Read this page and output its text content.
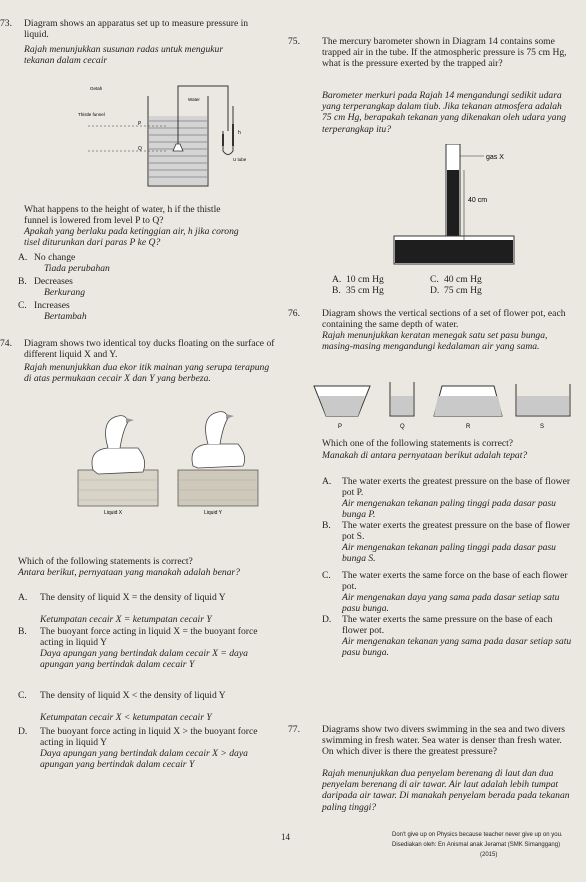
73. Diagram shows an apparatus set up to measure pressure in liquid.

Rajah menunjukkan susunan radas untuk mengukur tekanan dalam cecair

h
P
Q
Getah
Thistle funnel
Water
U tube

What happens to the height of water, h if the thistle funnel is lowered from level P to Q?

Apakah yang berlaku pada ketinggian air, h jika corong tisel diturunkan dari paras P ke Q?

A. No change
Tiada perubahan
B. Decreases
Berkurang
C. Increases
Bertambah
74. Diagram shows two identical toy ducks floating on the surface of different liquid X and Y.

Rajah menunjukkan dua ekor itik mainan yang serupa terapung di atas permukaan cecair X dan Y yang berbeza.

Liquid X	Liquid Y

Which of the following statements is correct?

Antara berikut, pernyataan yang manakah adalah benar?

A. The density of liquid X = the density of liquid Y
Ketumpatan cecair X = ketumpatan cecair Y
B. The buoyant force acting in liquid X = the buoyant force acting in liquid Y
Daya apungan yang bertindak dalam cecair X = daya apungan yang bertindak dalam cecair Y
C. The density of liquid X < the density of liquid Y
Ketumpatan cecair X < ketumpatan cecair Y
D. The buoyant force acting in liquid X > the buoyant force acting in liquid Y
Daya apungan yang bertindak dalam cecair X > daya apungan yang bertindak dalam cecair Y
75. The mercury barometer shown in Diagram 14 contains some trapped air in the tube. If the atmospheric pressure is 75 cm Hg, what is the pressure exerted by the trapped air?

Barometer merkuri pada Rajah 14 mengandungi sedikit udara yang terperangkap dalam tiub. Jika tekanan atmosfera adalah 75 cm Hg, berapakah tekanan yang dikenakan oleh udara yang terperangkap itu?

gas X
40 cm
A. 10 cm Hg	C. 40 cm Hg
B. 35 cm Hg	D. 75 cm Hg
76. Diagram shows the vertical sections of a set of flower pot, each containing the same depth of water.

Rajah menunjukkan keratan menegak satu set pasu bunga, masing-masing mengandungi kedalaman air yang sama.

P	Q	R	S

Which one of the following statements is correct?

Manakah di antara pernyataan berikut adalah tepat?

A. The water exerts the greatest pressure on the base of flower pot P.
Air mengenakan tekanan paling tinggi pada dasar pasu bunga P.
B. The water exerts the greatest pressure on the base of flower pot S.
Air mengenakan tekanan paling tinggi pada dasar pasu bunga S.
C. The water exerts the same force on the base of each flower pot.
Air mengenakan daya yang sama pada dasar setiap satu pasu bunga.
D. The water exerts the same pressure on the base of each flower pot.
Air mengenakan tekanan yang sama pada dasar setiap satu pasu bunga.
77. Diagrams show two divers swimming in the sea and two divers swimming in fresh water. Sea water is denser than fresh water. On which diver is there the greatest pressure?

Rajah menunjukkan dua penyelam berenang di laut dan dua penyelam berenang di air tawar. Air laut adalah lebih tumpat daripada air tawar. Di manakah penyelam berada pada tekanan paling tinggi?

14	Don't give up on Physics because teacher never give up on you.
Disediakan oleh: En Anismal anak Jeramat (SMK Simanggang)
(2015)
